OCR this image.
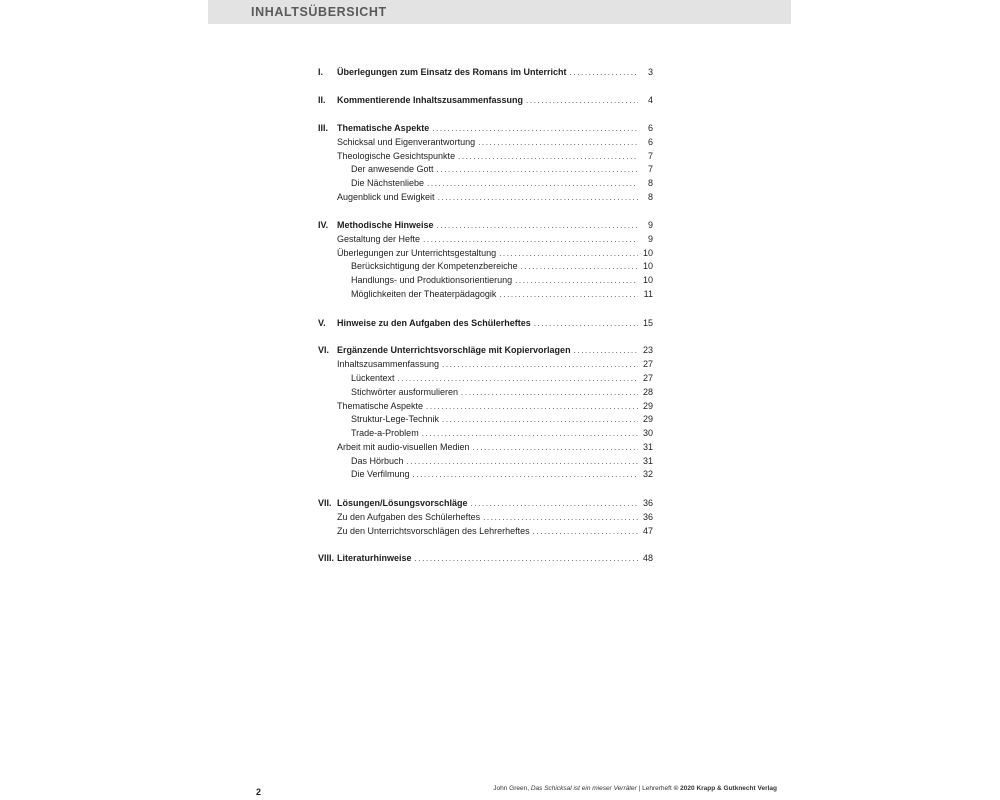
INHALTSÜBERSICHT
I.	Überlegungen zum Einsatz des Romans im Unterricht .....	3
II.	Kommentierende Inhaltszusammenfassung .....	4
III. Thematische Aspekte .....	6
Schicksal und Eigenverantwortung .....	6
Theologische Gesichtspunkte .....	7
Der anwesende Gott .....	7
Die Nächstenliebe .....	8
Augenblick und Ewigkeit .....	8
IV. Methodische Hinweise .....	9
Gestaltung der Hefte .....	9
Überlegungen zur Unterrichtsgestaltung .....	10
Berücksichtigung der Kompetenzbereiche .....	10
Handlungs- und Produktionsorientierung .....	10
Möglichkeiten der Theaterpädagogik .....	11
V.	Hinweise zu den Aufgaben des Schülerheftes .....	15
VI. Ergänzende Unterrichtsvorschläge mit Kopiervorlagen .....	23
Inhaltszusammenfassung .....	27
Lückentext .....	27
Stichwörter ausformulieren .....	28
Thematische Aspekte .....	29
Struktur-Lege-Technik .....	29
Trade-a-Problem .....	30
Arbeit mit audio-visuellen Medien .....	31
Das Hörbuch .....	31
Die Verfilmung .....	32
VII. Lösungen/Lösungsvorschläge .....	36
Zu den Aufgaben des Schülerheftes .....	36
Zu den Unterrichtsvorschlägen des Lehrerheftes .....	47
VIII. Literaturhinweise .....	48
2	John Green, Das Schicksal ist ein mieser Verräter | Lehrerheft © 2020 Krapp & Gutknecht Verlag
